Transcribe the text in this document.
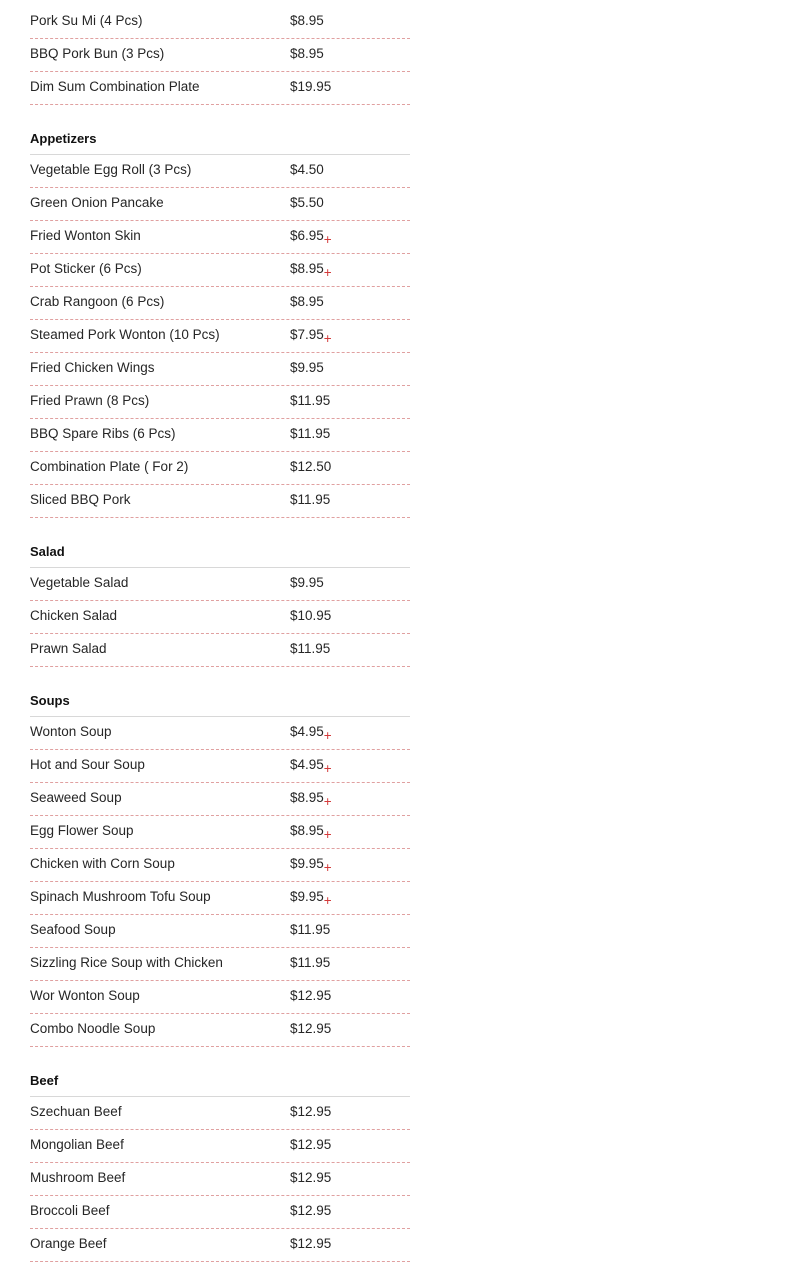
Pork Su Mi (4 Pcs)	$8.95
BBQ Pork Bun (3 Pcs)	$8.95
Dim Sum Combination Plate	$19.95
Appetizers
Vegetable Egg Roll (3 Pcs)	$4.50
Green Onion Pancake	$5.50
Fried Wonton Skin	$6.95 +
Pot Sticker (6 Pcs)	$8.95 +
Crab Rangoon (6 Pcs)	$8.95
Steamed Pork Wonton (10 Pcs)	$7.95 +
Fried Chicken Wings	$9.95
Fried Prawn (8 Pcs)	$11.95
BBQ Spare Ribs (6 Pcs)	$11.95
Combination Plate ( For 2)	$12.50
Sliced BBQ Pork	$11.95
Salad
Vegetable Salad	$9.95
Chicken Salad	$10.95
Prawn Salad	$11.95
Soups
Wonton Soup	$4.95 +
Hot and Sour Soup	$4.95 +
Seaweed Soup	$8.95 +
Egg Flower Soup	$8.95 +
Chicken with Corn Soup	$9.95 +
Spinach Mushroom Tofu Soup	$9.95 +
Seafood Soup	$11.95
Sizzling Rice Soup with Chicken	$11.95
Wor Wonton Soup	$12.95
Combo Noodle Soup	$12.95
Beef
Szechuan Beef	$12.95
Mongolian Beef	$12.95
Mushroom Beef	$12.95
Broccoli Beef	$12.95
Orange Beef	$12.95
